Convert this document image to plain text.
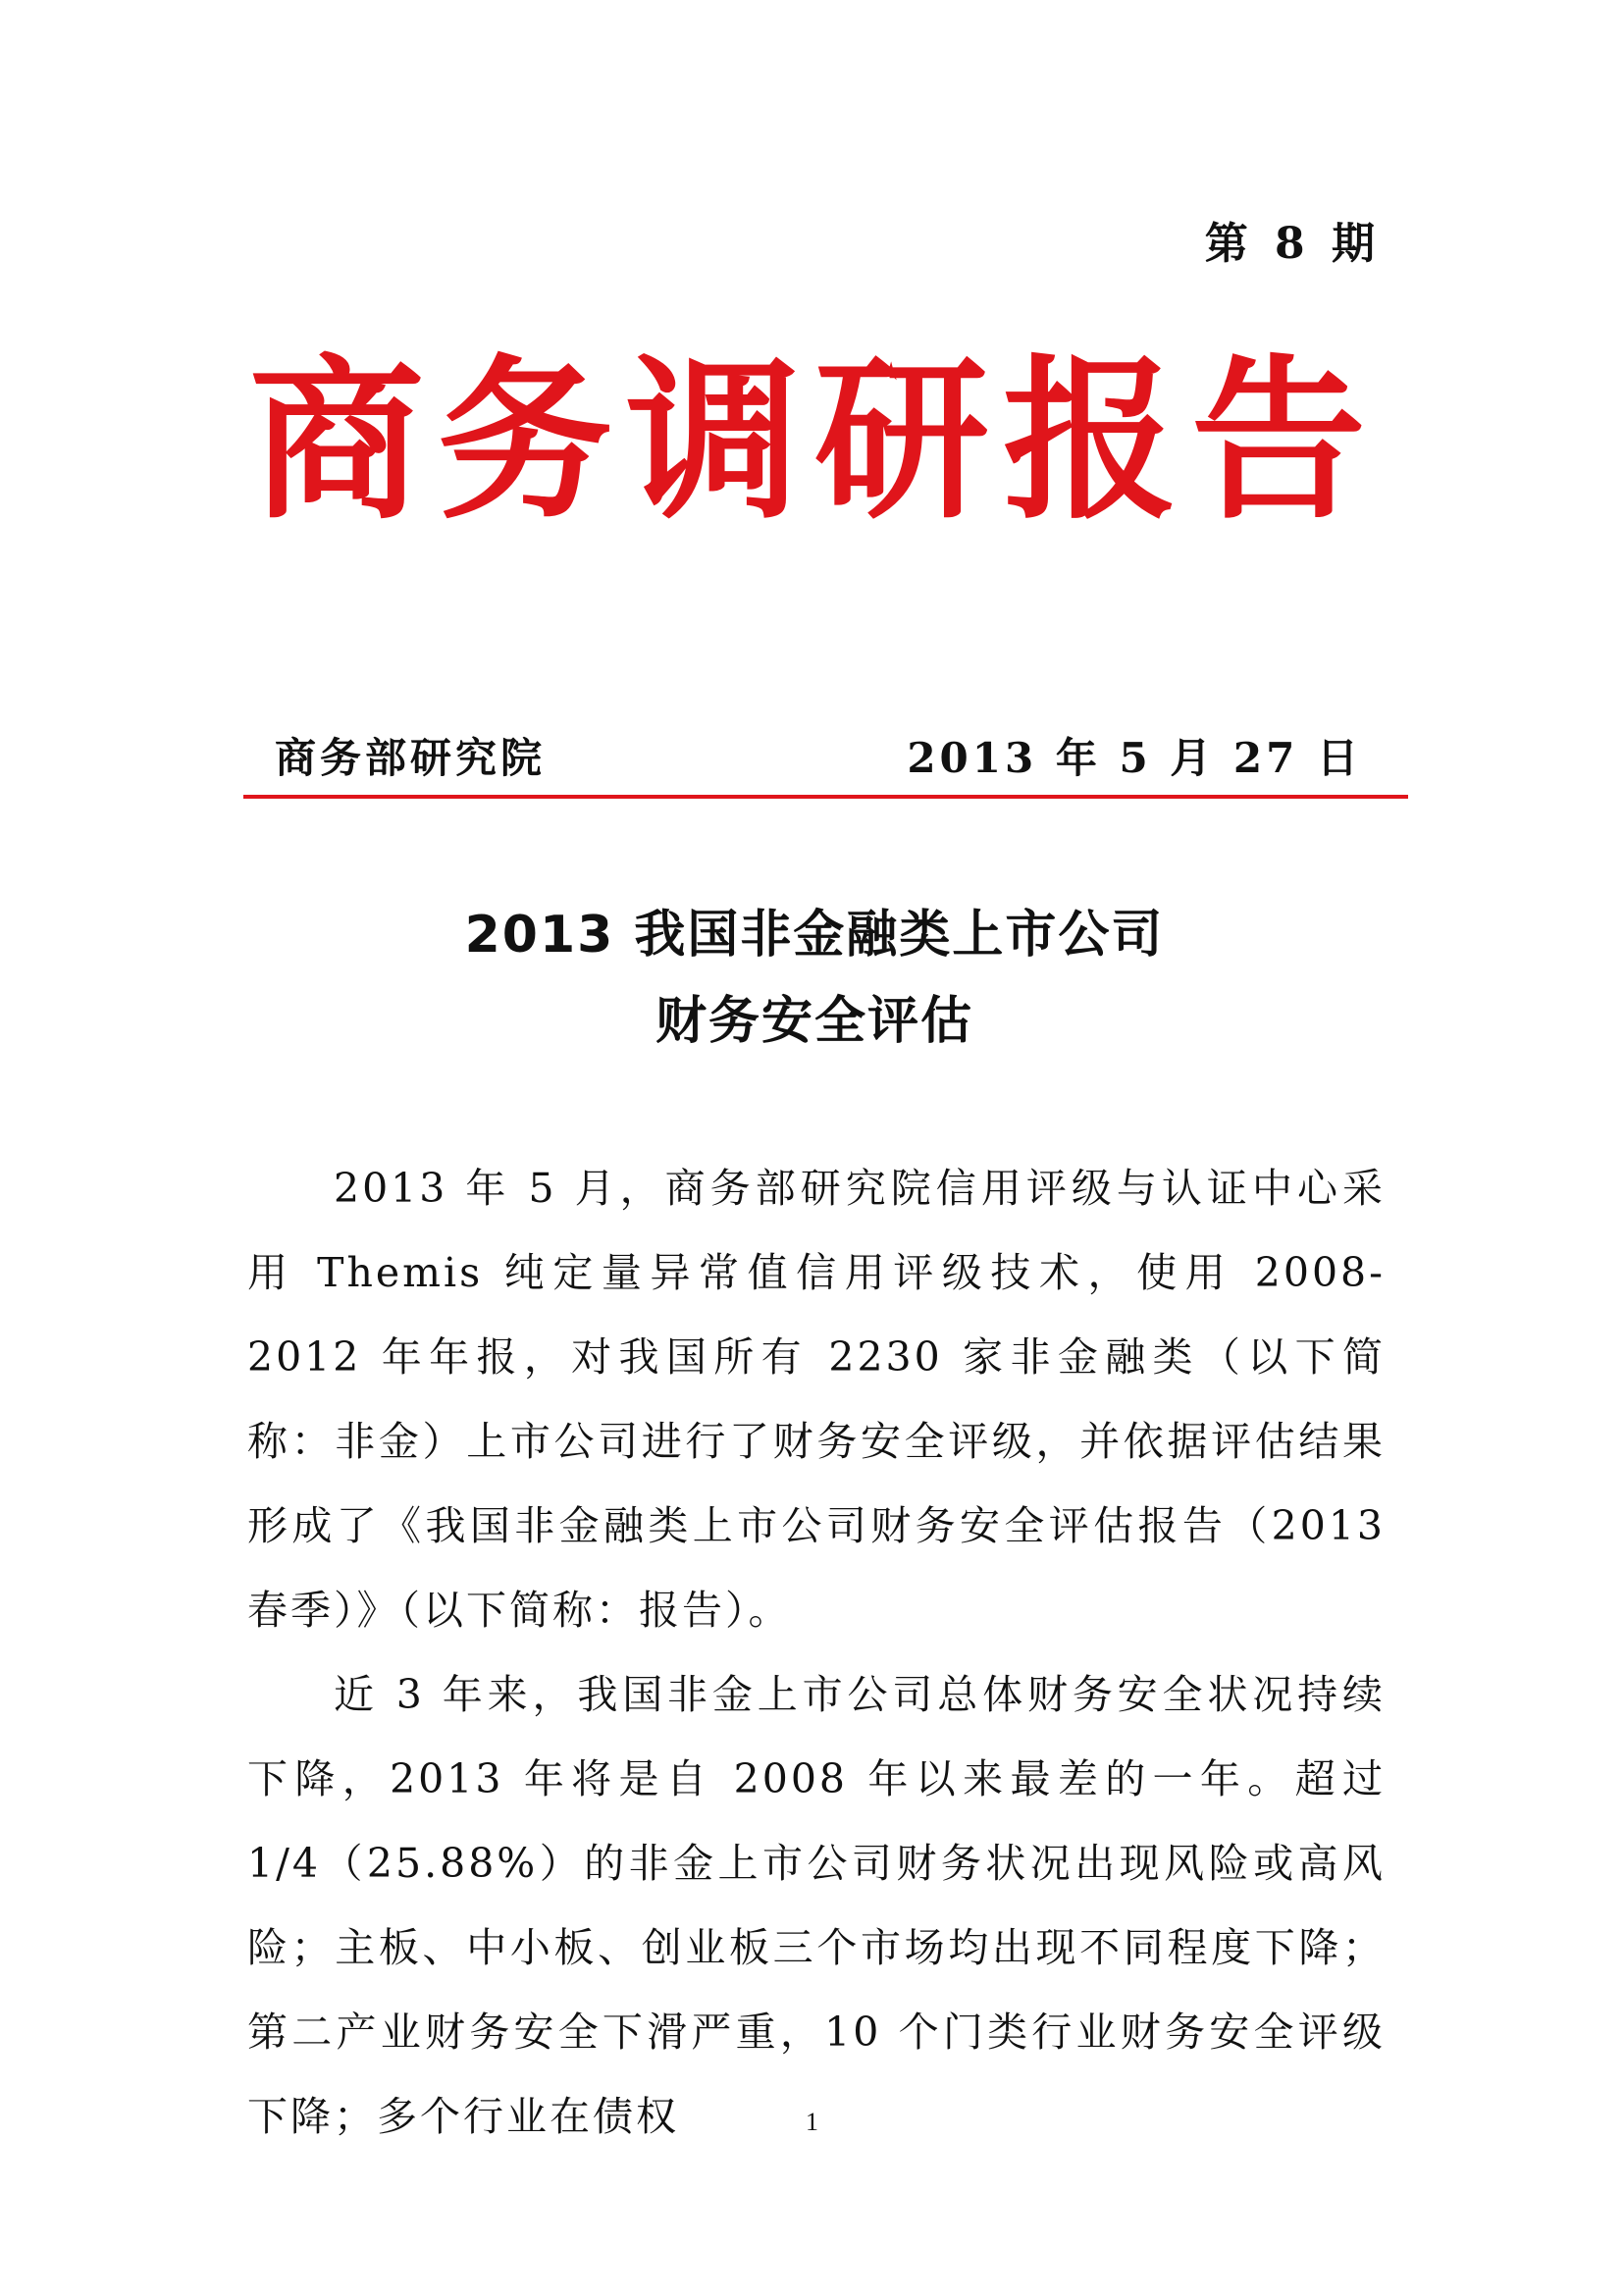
第 8 期
商务调研报告
商务部研究院	2013 年 5 月 27 日
2013 我国非金融类上市公司
财务安全评估

2013 年 5 月，商务部研究院信用评级与认证中心采用 Themis 纯定量异常值信用评级技术，使用 2008-2012 年年报，对我国所有 2230 家非金融类（以下简称：非金）上市公司进行了财务安全评级，并依据评估结果形成了《我国非金融类上市公司财务安全评估报告（2013 春季）》（以下简称：报告）。

近 3 年来，我国非金上市公司总体财务安全状况持续下降，2013 年将是自 2008 年以来最差的一年。超过 1/4（25.88%）的非金上市公司财务状况出现风险或高风险；主板、中小板、创业板三个市场均出现不同程度下降；第二产业财务安全下滑严重，10 个门类行业财务安全评级下降；多个行业在债权	1
